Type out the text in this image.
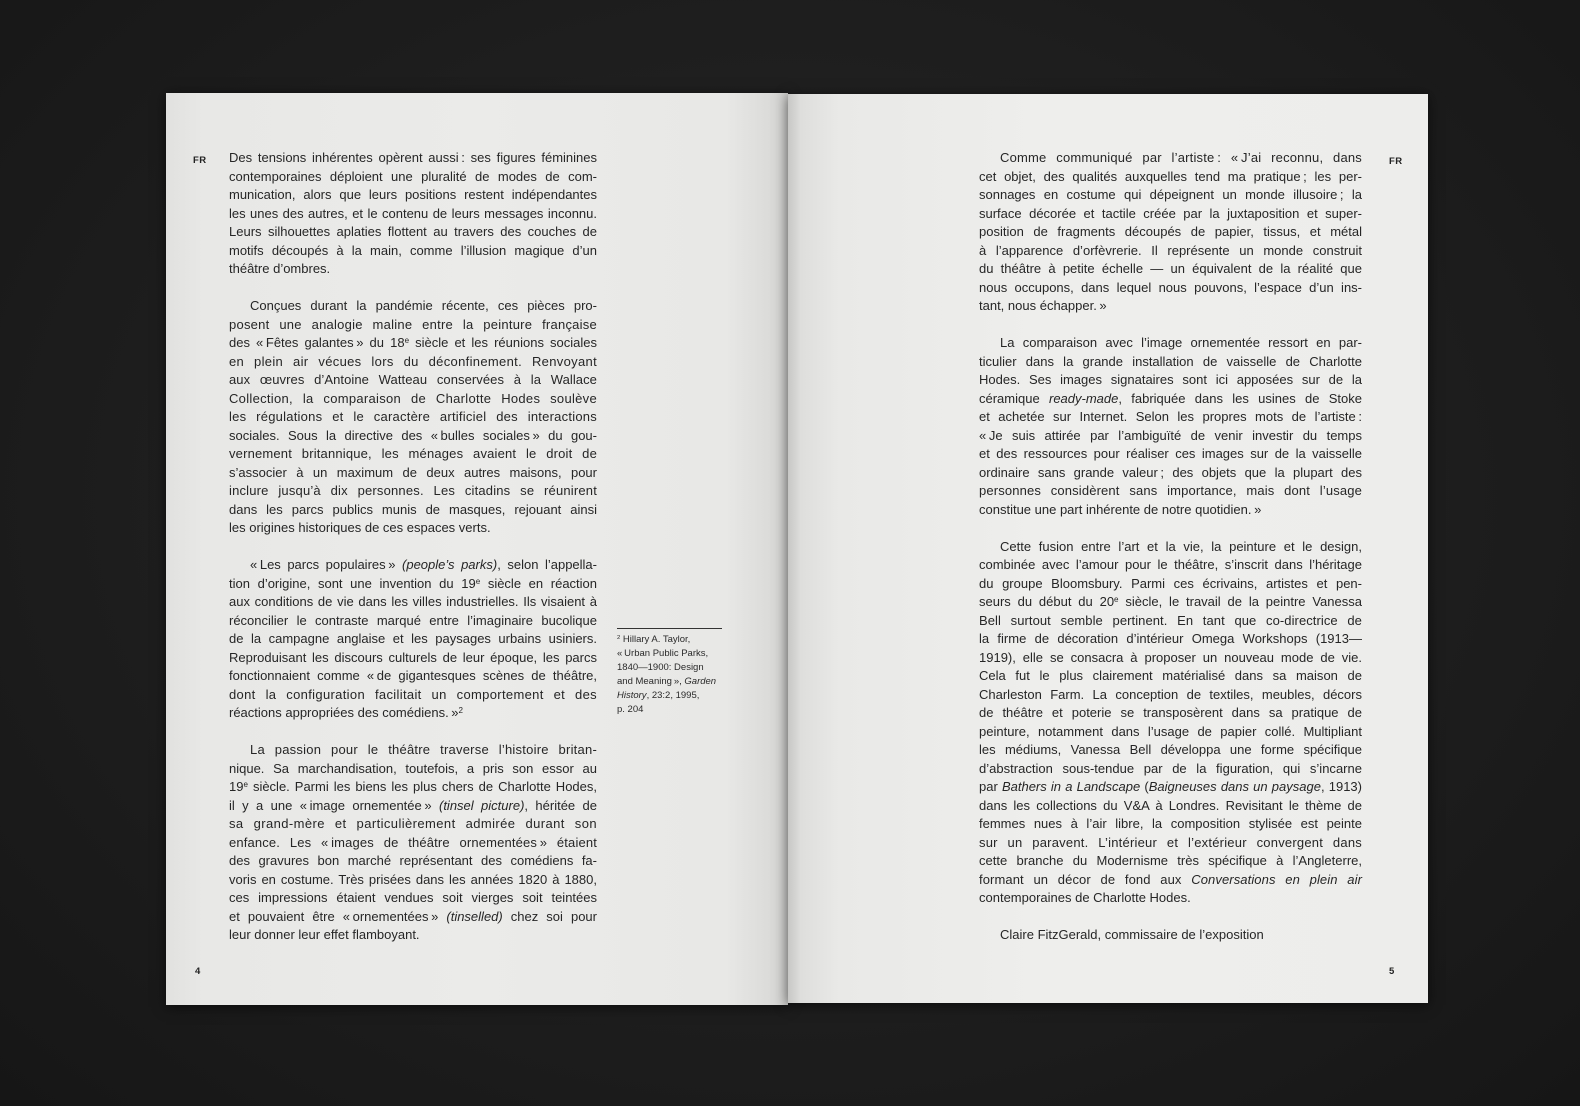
FR Des tensions inhérentes opèrent aussi : ses figures féminines
contemporaines déploient une pluralité de modes de com-
munication, alors que leurs positions restent indépendantes
les unes des autres, et le contenu de leurs messages inconnu.
Leurs silhouettes aplaties flottent au travers des couches de
motifs découpés à la main, comme l’illusion magique d’un
théâtre d’ombres.
Conçues durant la pandémie récente, ces pièces pro-
posent une analogie maline entre la peinture française
des « Fêtes galantes » du 18e siècle et les réunions sociales
en plein air vécues lors du déconfinement. Renvoyant
aux œuvres d’Antoine Watteau conservées à la Wallace
Collection, la comparaison de Charlotte Hodes soulève
les régulations et le caractère artificiel des interactions
sociales. Sous la directive des « bulles sociales » du gou-
vernement britannique, les ménages avaient le droit de
s’associer à un maximum de deux autres maisons, pour
inclure jusqu’à dix personnes. Les citadins se réunirent
dans les parcs publics munis de masques, rejouant ainsi
les origines historiques de ces espaces verts.
« Les parcs populaires » (people’s parks), selon l’appella-
tion d’origine, sont une invention du 19e siècle en réaction
aux conditions de vie dans les villes industrielles. Ils visaient à
réconcilier le contraste marqué entre l’imaginaire bucolique
de la campagne anglaise et les paysages urbains usiniers.
Reproduisant les discours culturels de leur époque, les parcs
fonctionnaient comme « de gigantesques scènes de théâtre,
dont la configuration facilitait un comportement et des
réactions appropriées des comédiens. »$^2$
La passion pour le théâtre traverse l’histoire britan-
nique. Sa marchandisation, toutefois, a pris son essor au
19e siècle. Parmi les biens les plus chers de Charlotte Hodes,
il y a une « image ornementée » (tinsel picture), héritée de
sa grand-mère et particulièrement admirée durant son
enfance. Les « images de théâtre ornementées » étaient
des gravures bon marché représentant des comédiens fa-
voris en costume. Très prisées dans les années 1820 à 1880,
ces impressions étaient vendues soit vierges soit teintées
et pouvaient être « ornementées » (tinselled) chez soi pour
leur donner leur effet flamboyant.
$^2$ Hillary A. Taylor,
« Urban Public Parks,
1840—1900: Design
and Meaning », Garden
History, 23:2, 1995,
p. 204
4
FR
Comme communiqué par l’artiste : « J’ai reconnu, dans
cet objet, des qualités auxquelles tend ma pratique ; les per-
sonnages en costume qui dépeignent un monde illusoire ; la
surface décorée et tactile créée par la juxtaposition et super-
position de fragments découpés de papier, tissus, et métal
à l’apparence d’orfèvrerie. Il représente un monde construit
du théâtre à petite échelle — un équivalent de la réalité que
nous occupons, dans lequel nous pouvons, l’espace d’un ins-
tant, nous échapper. »
La comparaison avec l’image ornementée ressort en par-
ticulier dans la grande installation de vaisselle de Charlotte
Hodes. Ses images signataires sont ici apposées sur de la
céramique ready-made, fabriquée dans les usines de Stoke
et achetée sur Internet. Selon les propres mots de l’artiste :
« Je suis attirée par l’ambiguïté de venir investir du temps
et des ressources pour réaliser ces images sur de la vaisselle
ordinaire sans grande valeur ; des objets que la plupart des
personnes considèrent sans importance, mais dont l’usage
constitue une part inhérente de notre quotidien. »
Cette fusion entre l’art et la vie, la peinture et le design,
combinée avec l’amour pour le théâtre, s’inscrit dans l’héritage
du groupe Bloomsbury. Parmi ces écrivains, artistes et pen-
seurs du début du 20e siècle, le travail de la peintre Vanessa
Bell surtout semble pertinent. En tant que co-directrice de
la firme de décoration d’intérieur Omega Workshops (1913—
1919), elle se consacra à proposer un nouveau mode de vie.
Cela fut le plus clairement matérialisé dans sa maison de
Charleston Farm. La conception de textiles, meubles, décors
de théâtre et poterie se transposèrent dans sa pratique de
peinture, notamment dans l’usage de papier collé. Multipliant
les médiums, Vanessa Bell développa une forme spécifique
d’abstraction sous-tendue par de la figuration, qui s’incarne
par Bathers in a Landscape (Baigneuses dans un paysage, 1913)
dans les collections du V&A à Londres. Revisitant le thème de
femmes nues à l’air libre, la composition stylisée est peinte
sur un paravent. L’intérieur et l’extérieur convergent dans
cette branche du Modernisme très spécifique à l’Angleterre,
formant un décor de fond aux Conversations en plein air
contemporaines de Charlotte Hodes.
Claire FitzGerald, commissaire de l’exposition
5
